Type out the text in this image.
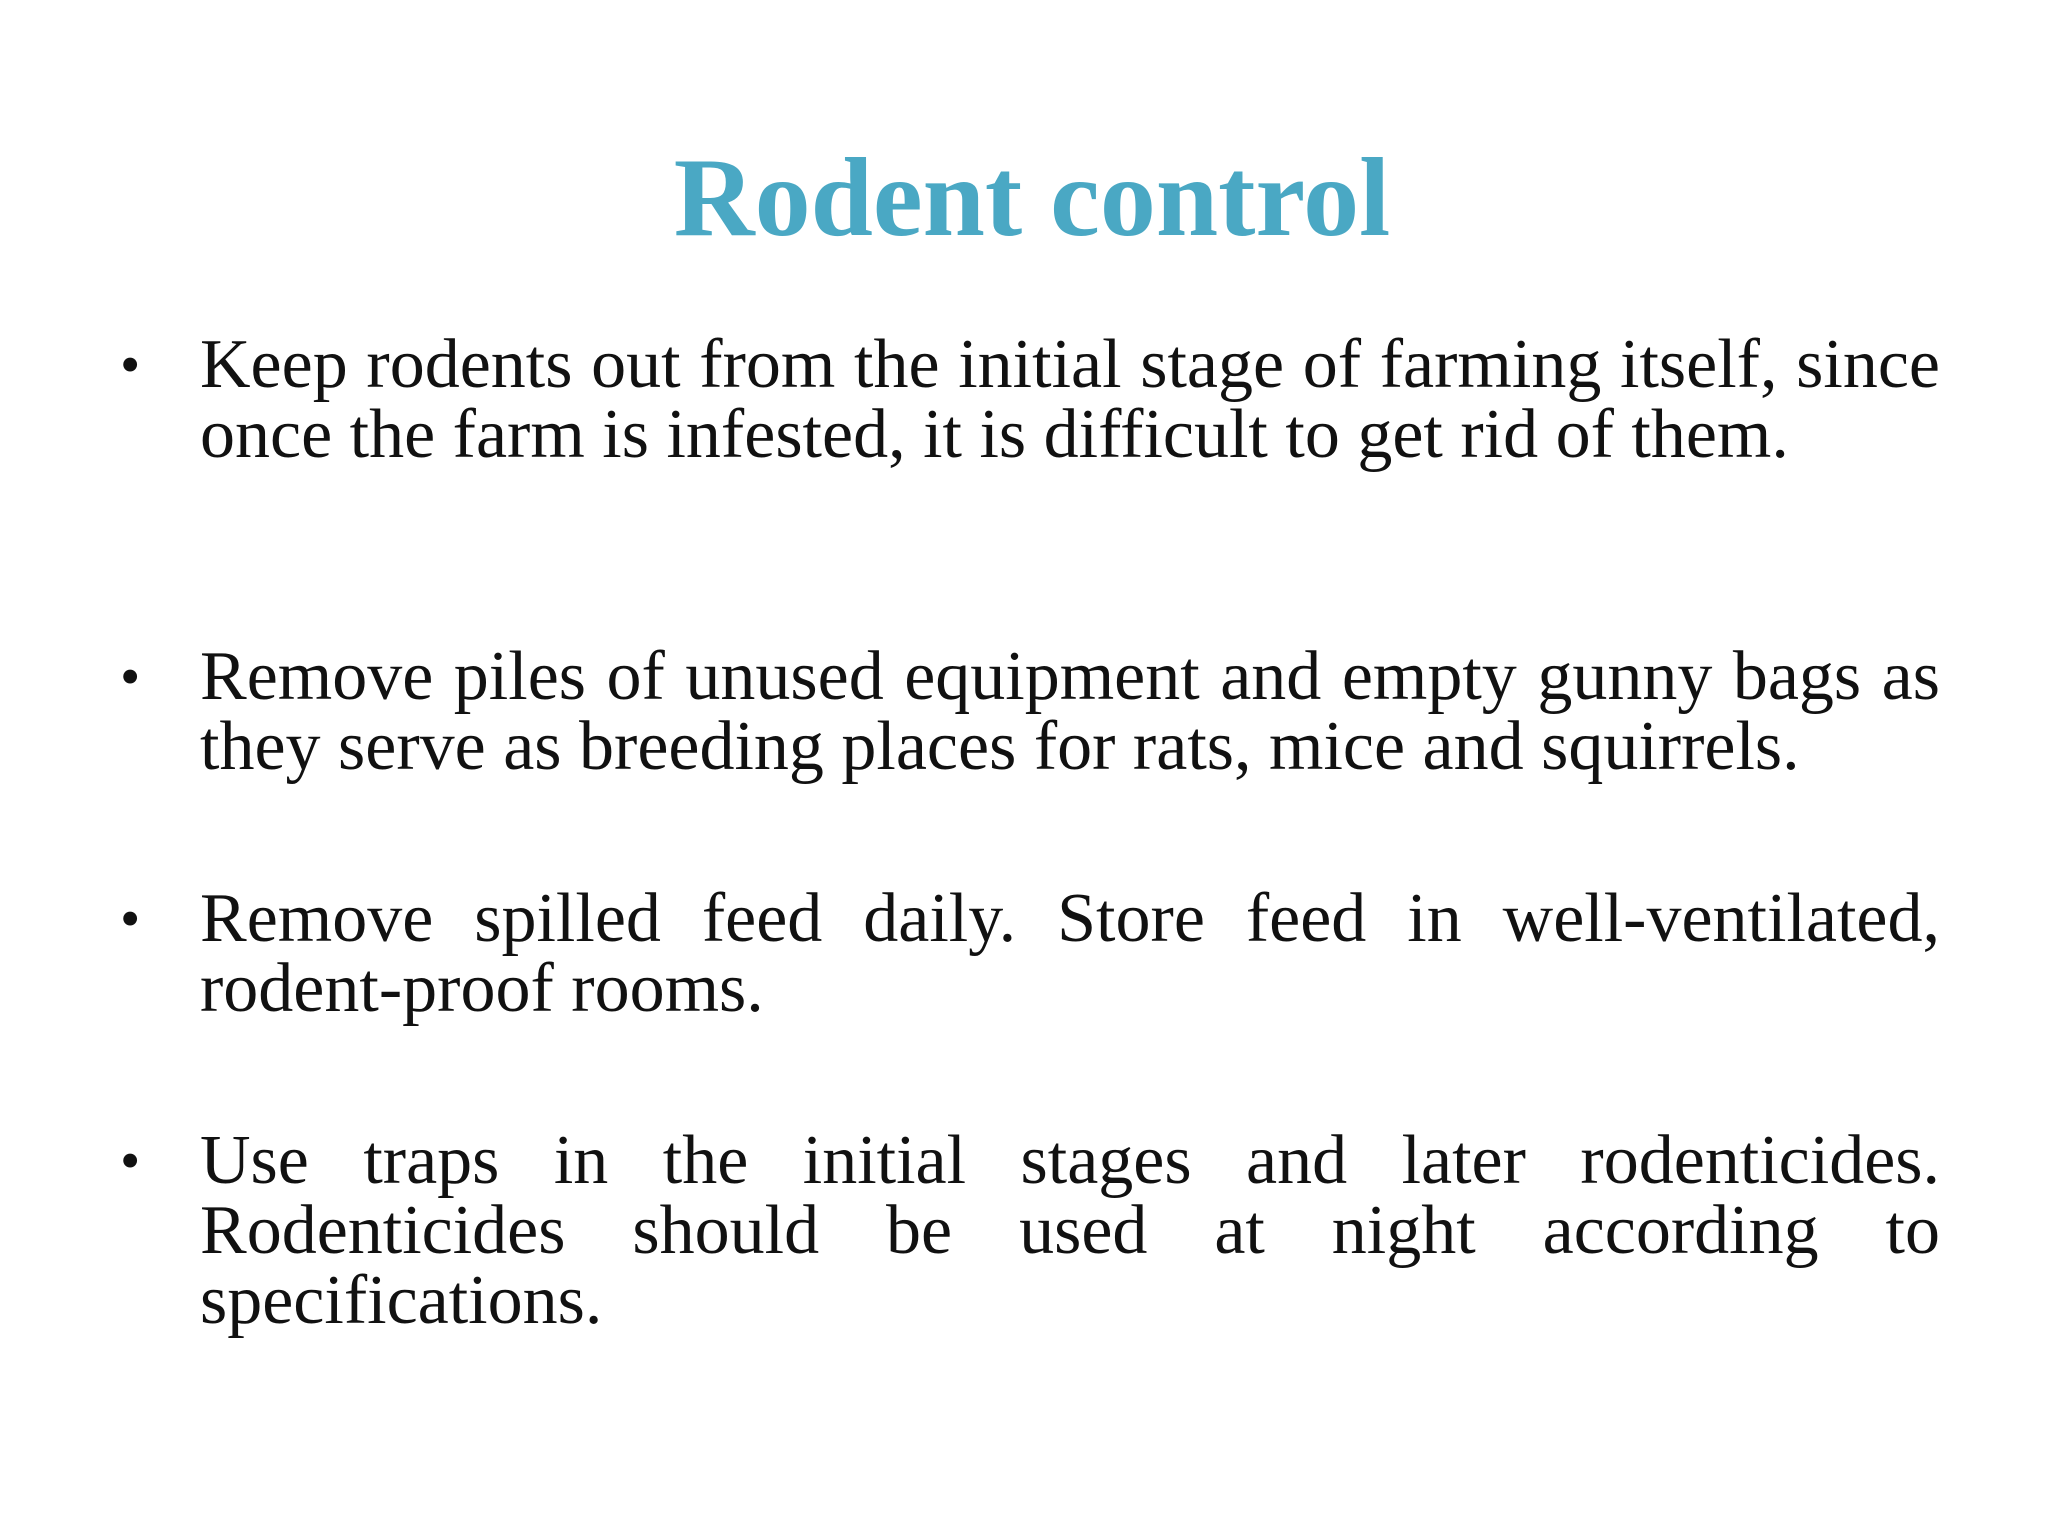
Rodent control
• Keep rodents out from the initial stage of farming itself, since once the farm is infested, it is difficult to get rid of them.
• Remove piles of unused equipment and empty gunny bags as they serve as breeding places for rats, mice and squirrels.
• Remove spilled feed daily. Store feed in well-ventilated, rodent-proof rooms.
• Use traps in the initial stages and later rodenticides. Rodenticides should be used at night according to specifications.
